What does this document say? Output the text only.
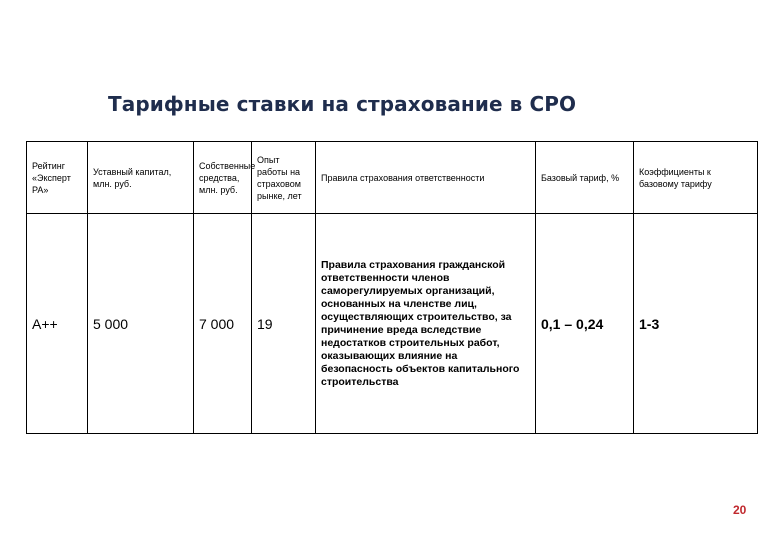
Тарифные ставки на страхование в СРО
Рейтинг «Эксперт РА»	Уставный капитал, млн. руб.	Собственные средства, млн. руб.	Опыт работы на страховом рынке, лет	Правила страхования ответственности	Базовый тариф, %	Коэффициенты к базовому тарифу
A++	5 000	7 000	19	Правила страхования гражданской ответственности членов саморегулируемых организаций, основанных на членстве лиц, осуществляющих строительство, за причинение вреда вследствие недостатков строительных работ, оказывающих влияние на безопасность объектов капитального строительства	0,1 – 0,24	1-3
20
